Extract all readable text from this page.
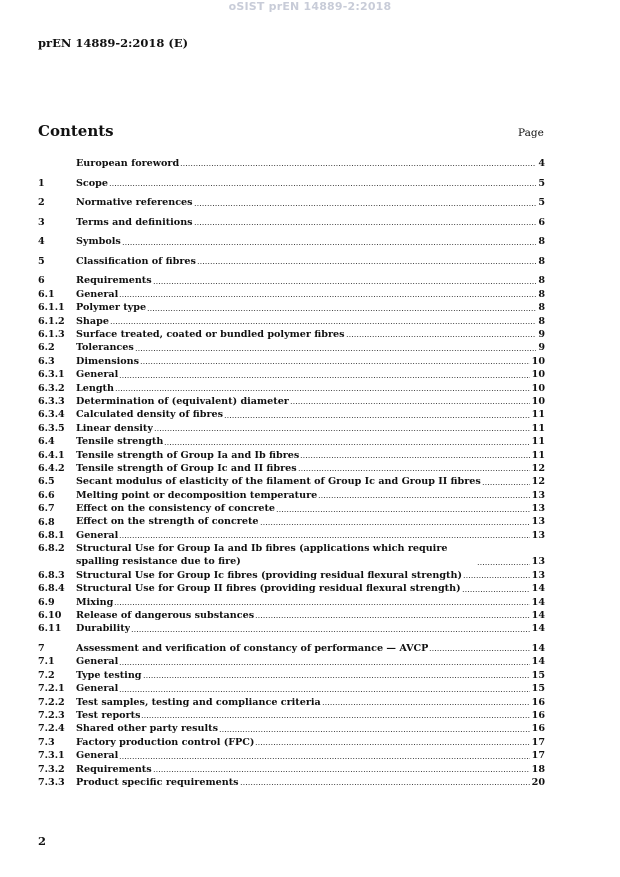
oSIST prEN 14889-2:2018
prEN 14889-2:2018 (E)
Contents	Page
European foreword	4
1	Scope	5
2	Normative references	5
3	Terms and definitions	6
4	Symbols	8
5	Classification of fibres	8
6	Requirements	8
6.1	General	8
6.1.1	Polymer type	8
6.1.2	Shape	8
6.1.3	Surface treated, coated or bundled polymer fibres	9
6.2	Tolerances	9
6.3	Dimensions	10
6.3.1	General	10
6.3.2	Length	10
6.3.3	Determination of (equivalent) diameter	10
6.3.4	Calculated density of fibres	11
6.3.5	Linear density	11
6.4	Tensile strength	11
6.4.1	Tensile strength of Group Ia and Ib fibres	11
6.4.2	Tensile strength of Group Ic and II fibres	12
6.5	Secant modulus of elasticity of the filament of Group Ic and Group II fibres	12
6.6	Melting point or decomposition temperature	13
6.7	Effect on the consistency of concrete	13
6.8	Effect on the strength of concrete	13
6.8.1	General	13
6.8.2	Structural Use for Group Ia and Ib fibres (applications which require spalling resistance due to fire)	13
6.8.3	Structural Use for Group Ic fibres (providing residual flexural strength)	13
6.8.4	Structural Use for Group II fibres (providing residual flexural strength)	14
6.9	Mixing	14
6.10	Release of dangerous substances	14
6.11	Durability	14
7	Assessment and verification of constancy of performance — AVCP	14
7.1	General	14
7.2	Type testing	15
7.2.1	General	15
7.2.2	Test samples, testing and compliance criteria	16
7.2.3	Test reports	16
7.2.4	Shared other party results	16
7.3	Factory production control (FPC)	17
7.3.1	General	17
7.3.2	Requirements	18
7.3.3	Product specific requirements	20
2
